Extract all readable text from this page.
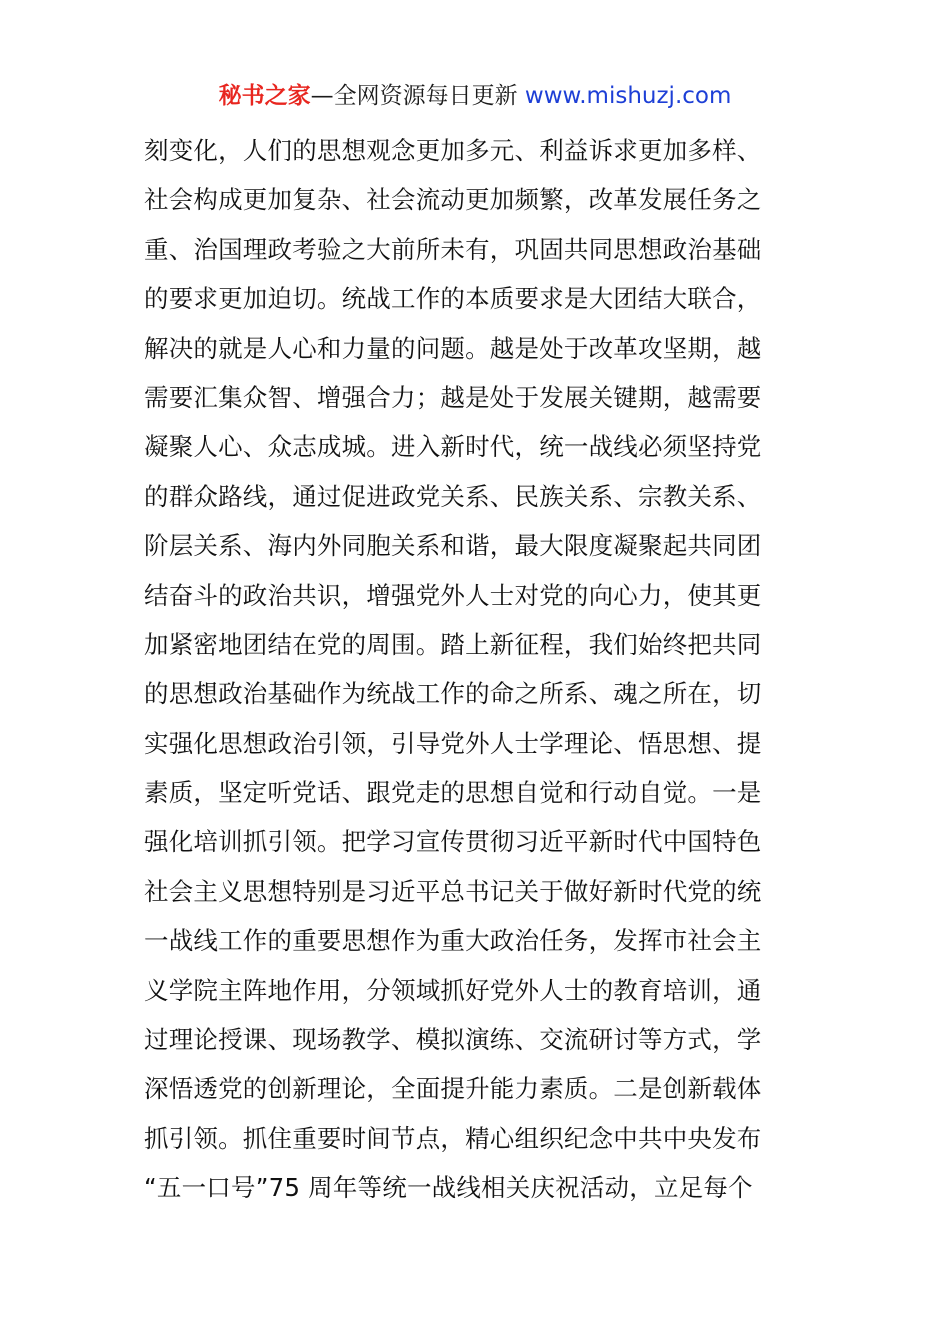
秘书之家—全网资源每日更新 www.mishuzj.com
刻变化，人们的思想观念更加多元、利益诉求更加多样、
社会构成更加复杂、社会流动更加频繁，改革发展任务之
重、治国理政考验之大前所未有，巩固共同思想政治基础
的要求更加迫切。统战工作的本质要求是大团结大联合，
解决的就是人心和力量的问题。越是处于改革攻坚期，越
需要汇集众智、增强合力；越是处于发展关键期，越需要
凝聚人心、众志成城。进入新时代，统一战线必须坚持党
的群众路线，通过促进政党关系、民族关系、宗教关系、
阶层关系、海内外同胞关系和谐，最大限度凝聚起共同团
结奋斗的政治共识，增强党外人士对党的向心力，使其更
加紧密地团结在党的周围。踏上新征程，我们始终把共同
的思想政治基础作为统战工作的命之所系、魂之所在，切
实强化思想政治引领，引导党外人士学理论、悟思想、提
素质，坚定听党话、跟党走的思想自觉和行动自觉。一是
强化培训抓引领。把学习宣传贯彻习近平新时代中国特色
社会主义思想特别是习近平总书记关于做好新时代党的统
一战线工作的重要思想作为重大政治任务，发挥市社会主
义学院主阵地作用，分领域抓好党外人士的教育培训，通
过理论授课、现场教学、模拟演练、交流研讨等方式，学
深悟透党的创新理论，全面提升能力素质。二是创新载体
抓引领。抓住重要时间节点，精心组织纪念中共中央发布
“五一口号”75 周年等统一战线相关庆祝活动，立足每个
